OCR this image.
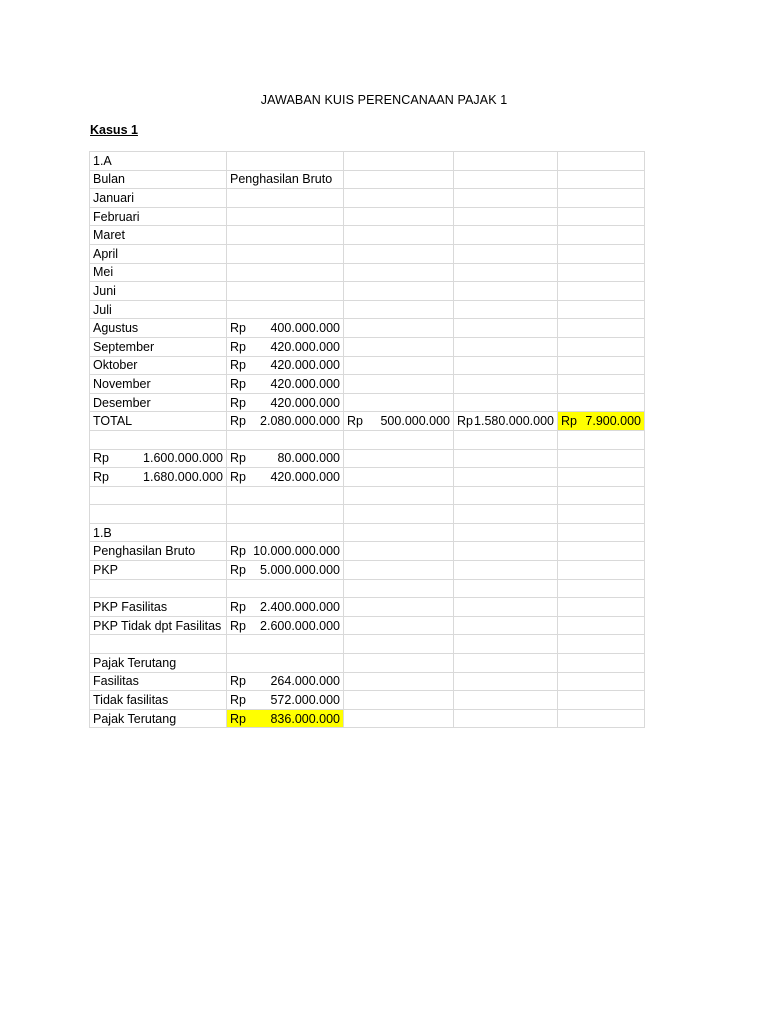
JAWABAN KUIS PERENCANAAN PAJAK 1
Kasus 1
1.A				
Bulan	Penghasilan Bruto			
Januari				
Februari				
Maret				
April				
Mei				
Juni				
Juli				
Agustus	Rp 400.000.000			

September	Rp 420.000.000			

Oktober	Rp 420.000.000			

November	Rp 420.000.000			

Desember	Rp 420.000.000			

TOTAL	Rp 2.080.000.000	Rp 500.000.000	Rp 1.580.000.000	Rp 7.900.000

Rp 1.600.000.000	Rp 80.000.000			

Rp 1.680.000.000	Rp 420.000.000			

1.B				
Penghasilan Bruto	Rp 10.000.000.000			

PKP	Rp 5.000.000.000			

PKP Fasilitas	Rp 2.400.000.000			

PKP Tidak dpt Fasilitas	Rp 2.600.000.000			

Pajak Terutang				
Fasilitas	Rp 264.000.000			

Tidak fasilitas	Rp 572.000.000			

Pajak Terutang	Rp 836.000.000			
